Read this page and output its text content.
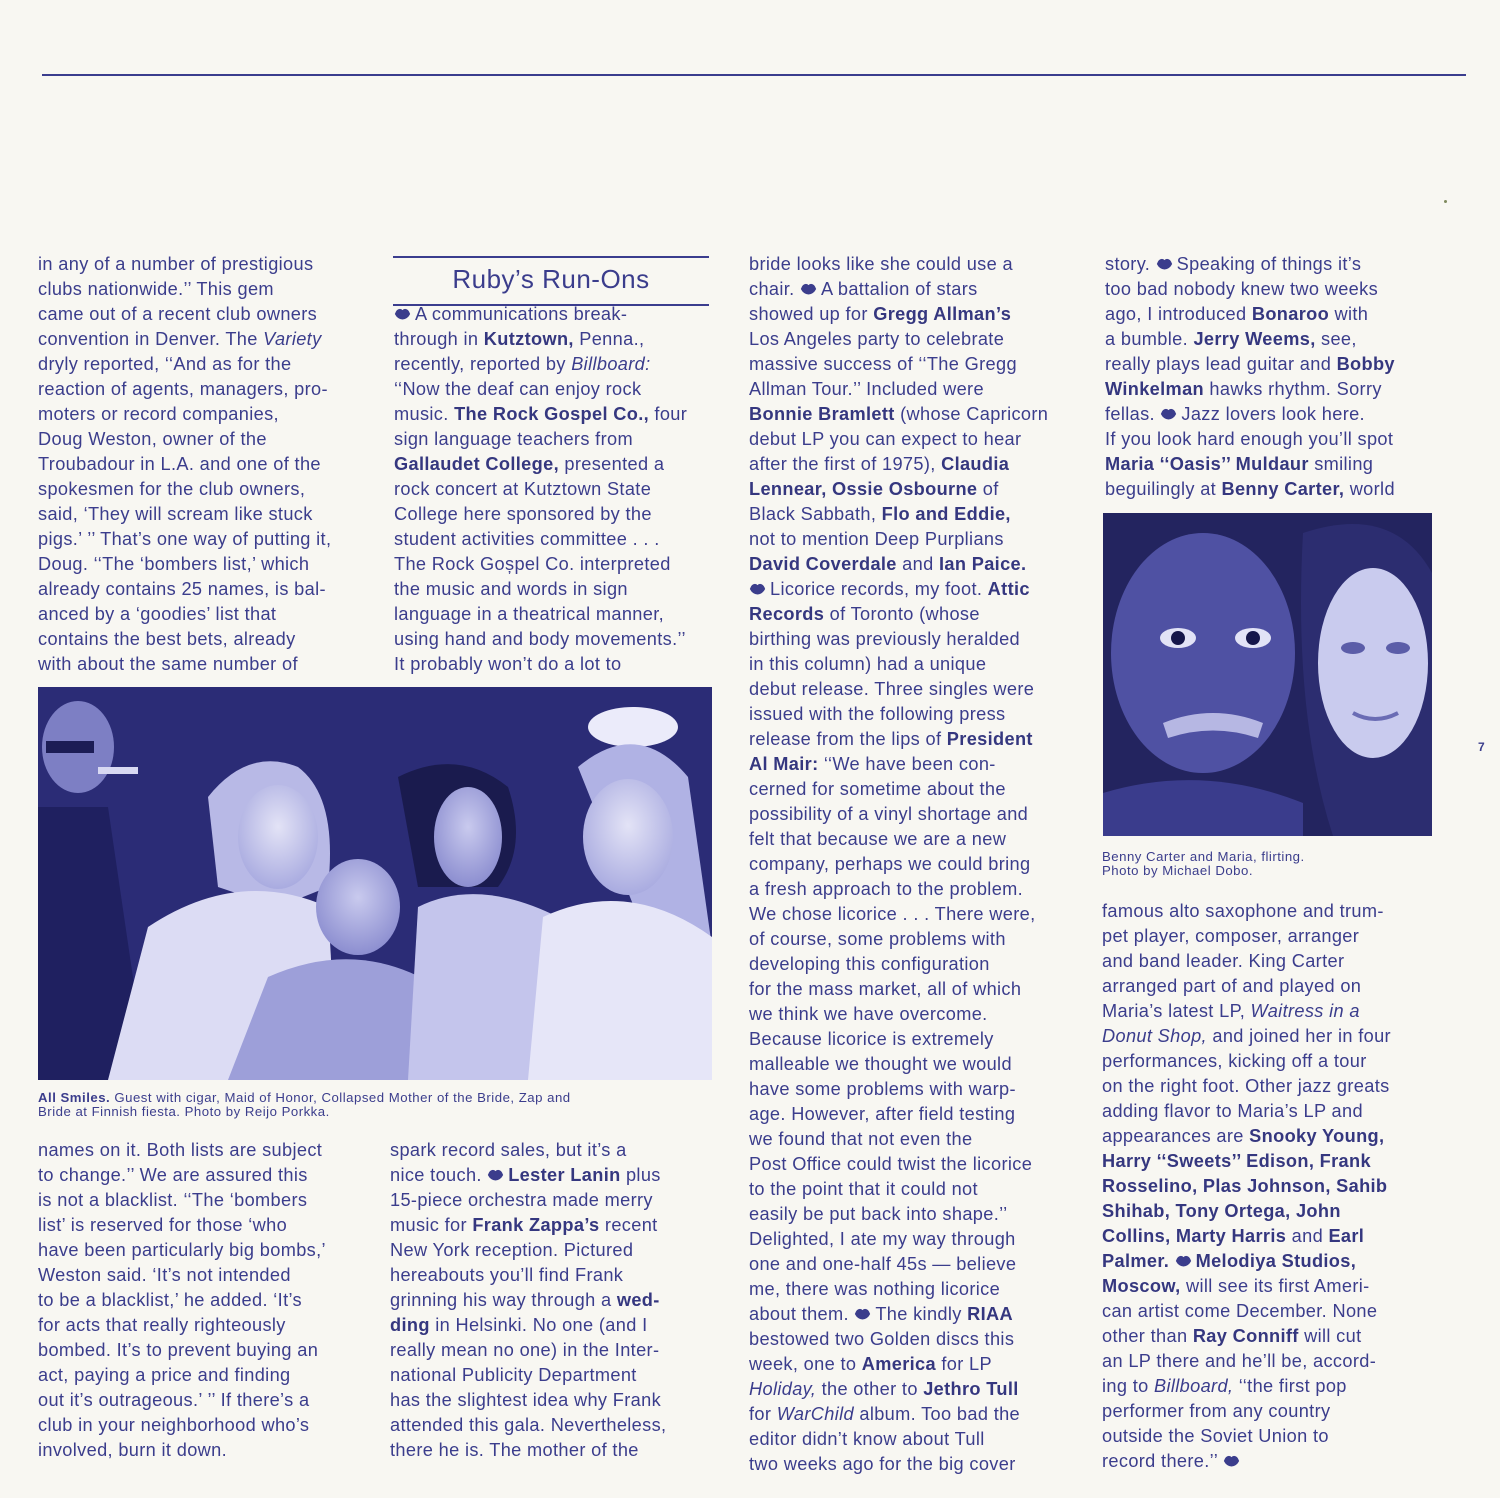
in any of a number of prestigious
clubs nationwide.’’ This gem
came out of a recent club owners
convention in Denver. The Variety
dryly reported, ‘‘And as for the
reaction of agents, managers, pro-
moters or record companies,
Doug Weston, owner of the
Troubadour in L.A. and one of the
spokesmen for the club owners,
said, ‘They will scream like stuck
pigs.’ ’’ That’s one way of putting it,
Doug. ‘‘The ‘bombers list,’ which
already contains 25 names, is bal-
anced by a ‘goodies’ list that
contains the best bets, already
with about the same number of
Ruby’s Run-Ons
A communications break-
through in Kutztown, Penna.,
recently, reported by Billboard:
‘‘Now the deaf can enjoy rock
music. The Rock Gospel Co., four
sign language teachers from
Gallaudet College, presented a
rock concert at Kutztown State
College here sponsored by the
student activities committee . . .
The Rock Goșpel Co. interpreted
the music and words in sign
language in a theatrical manner,
using hand and body movements.’’
It probably won’t do a lot to
All Smiles. Guest with cigar, Maid of Honor, Collapsed Mother of the Bride, Zap and
Bride at Finnish fiesta. Photo by Reijo Porkka.
names on it. Both lists are subject
to change.’’ We are assured this
is not a blacklist. ‘‘The ‘bombers
list’ is reserved for those ‘who
have been particularly big bombs,’
Weston said. ‘It’s not intended
to be a blacklist,’ he added. ‘It’s
for acts that really righteously
bombed. It’s to prevent buying an
act, paying a price and finding
out it’s outrageous.’ ’’ If there’s a
club in your neighborhood who’s
involved, burn it down.
spark record sales, but it’s a
nice touch. Lester Lanin plus
15-piece orchestra made merry
music for Frank Zappa’s recent
New York reception. Pictured
hereabouts you’ll find Frank
grinning his way through a wed-
ding in Helsinki. No one (and I
really mean no one) in the Inter-
national Publicity Department
has the slightest idea why Frank
attended this gala. Nevertheless,
there he is. The mother of the
bride looks like she could use a
chair. A battalion of stars
showed up for Gregg Allman’s
Los Angeles party to celebrate
massive success of ‘‘The Gregg
Allman Tour.’’ Included were
Bonnie Bramlett (whose Capricorn
debut LP you can expect to hear
after the first of 1975), Claudia
Lennear, Ossie Osbourne of
Black Sabbath, Flo and Eddie,
not to mention Deep Purplians
David Coverdale and Ian Paice.
Licorice records, my foot. Attic
Records of Toronto (whose
birthing was previously heralded
in this column) had a unique
debut release. Three singles were
issued with the following press
release from the lips of President
Al Mair: ‘‘We have been con-
cerned for sometime about the
possibility of a vinyl shortage and
felt that because we are a new
company, perhaps we could bring
a fresh approach to the problem.
We chose licorice . . . There were,
of course, some problems with
developing this configuration
for the mass market, all of which
we think we have overcome.
Because licorice is extremely
malleable we thought we would
have some problems with warp-
age. However, after field testing
we found that not even the
Post Office could twist the licorice
to the point that it could not
easily be put back into shape.’’
Delighted, I ate my way through
one and one-half 45s — believe
me, there was nothing licorice
about them. The kindly RIAA
bestowed two Golden discs this
week, one to America for LP
Holiday, the other to Jethro Tull
for WarChild album. Too bad the
editor didn’t know about Tull
two weeks ago for the big cover
story. Speaking of things it’s
too bad nobody knew two weeks
ago, I introduced Bonaroo with
a bumble. Jerry Weems, see,
really plays lead guitar and Bobby
Winkelman hawks rhythm. Sorry
fellas. Jazz lovers look here.
If you look hard enough you’ll spot
Maria ‘‘Oasis’’ Muldaur smiling
beguilingly at Benny Carter, world
Benny Carter and Maria, flirting.
Photo by Michael Dobo.
famous alto saxophone and trum-
pet player, composer, arranger
and band leader. King Carter
arranged part of and played on
Maria’s latest LP, Waitress in a
Donut Shop, and joined her in four
performances, kicking off a tour
on the right foot. Other jazz greats
adding flavor to Maria’s LP and
appearances are Snooky Young,
Harry ‘‘Sweets’’ Edison, Frank
Rosselino, Plas Johnson, Sahib
Shihab, Tony Ortega, John
Collins, Marty Harris and Earl
Palmer. Melodiya Studios,
Moscow, will see its first Ameri-
can artist come December. None
other than Ray Conniff will cut
an LP there and he’ll be, accord-
ing to Billboard, ‘‘the first pop
performer from any country
outside the Soviet Union to
record there.’’
7
